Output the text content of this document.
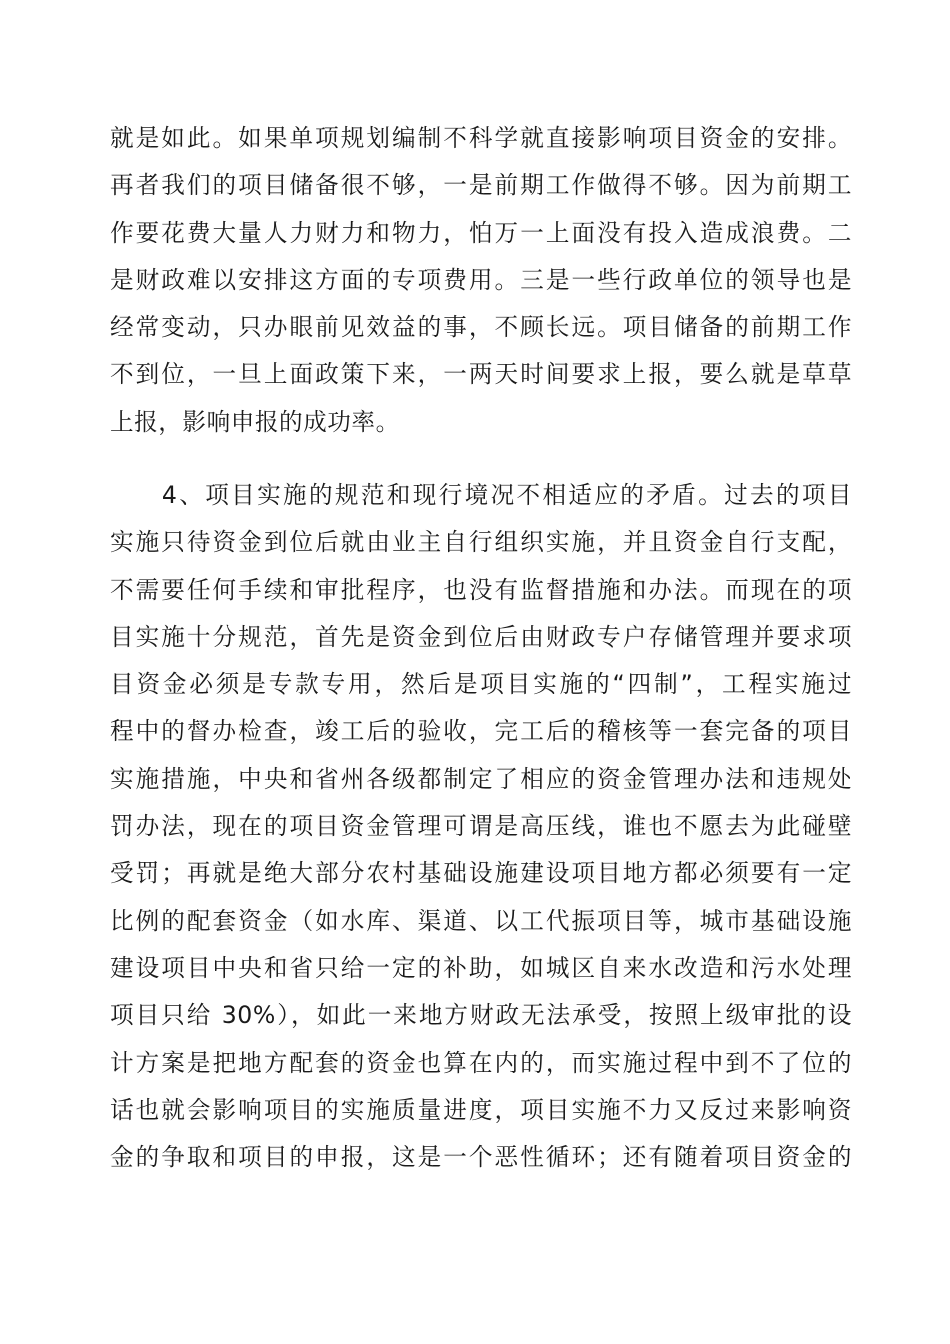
就是如此。如果单项规划编制不科学就直接影响项目资金的安排。
再者我们的项目储备很不够，一是前期工作做得不够。因为前期工
作要花费大量人力财力和物力，怕万一上面没有投入造成浪费。二
是财政难以安排这方面的专项费用。三是一些行政单位的领导也是
经常变动，只办眼前见效益的事，不顾长远。项目储备的前期工作
不到位，一旦上面政策下来，一两天时间要求上报，要么就是草草
上报，影响申报的成功率。
　　4、项目实施的规范和现行境况不相适应的矛盾。过去的项目
实施只待资金到位后就由业主自行组织实施，并且资金自行支配，
不需要任何手续和审批程序，也没有监督措施和办法。而现在的项
目实施十分规范，首先是资金到位后由财政专户存储管理并要求项
目资金必须是专款专用，然后是项目实施的“四制”，工程实施过
程中的督办检查，竣工后的验收，完工后的稽核等一套完备的项目
实施措施，中央和省州各级都制定了相应的资金管理办法和违规处
罚办法，现在的项目资金管理可谓是高压线，谁也不愿去为此碰壁
受罚；再就是绝大部分农村基础设施建设项目地方都必须要有一定
比例的配套资金（如水库、渠道、以工代振项目等，城市基础设施
建设项目中央和省只给一定的补助，如城区自来水改造和污水处理
项目只给 30%），如此一来地方财政无法承受，按照上级审批的设
计方案是把地方配套的资金也算在内的，而实施过程中到不了位的
话也就会影响项目的实施质量进度，项目实施不力又反过来影响资
金的争取和项目的申报，这是一个恶性循环；还有随着项目资金的
